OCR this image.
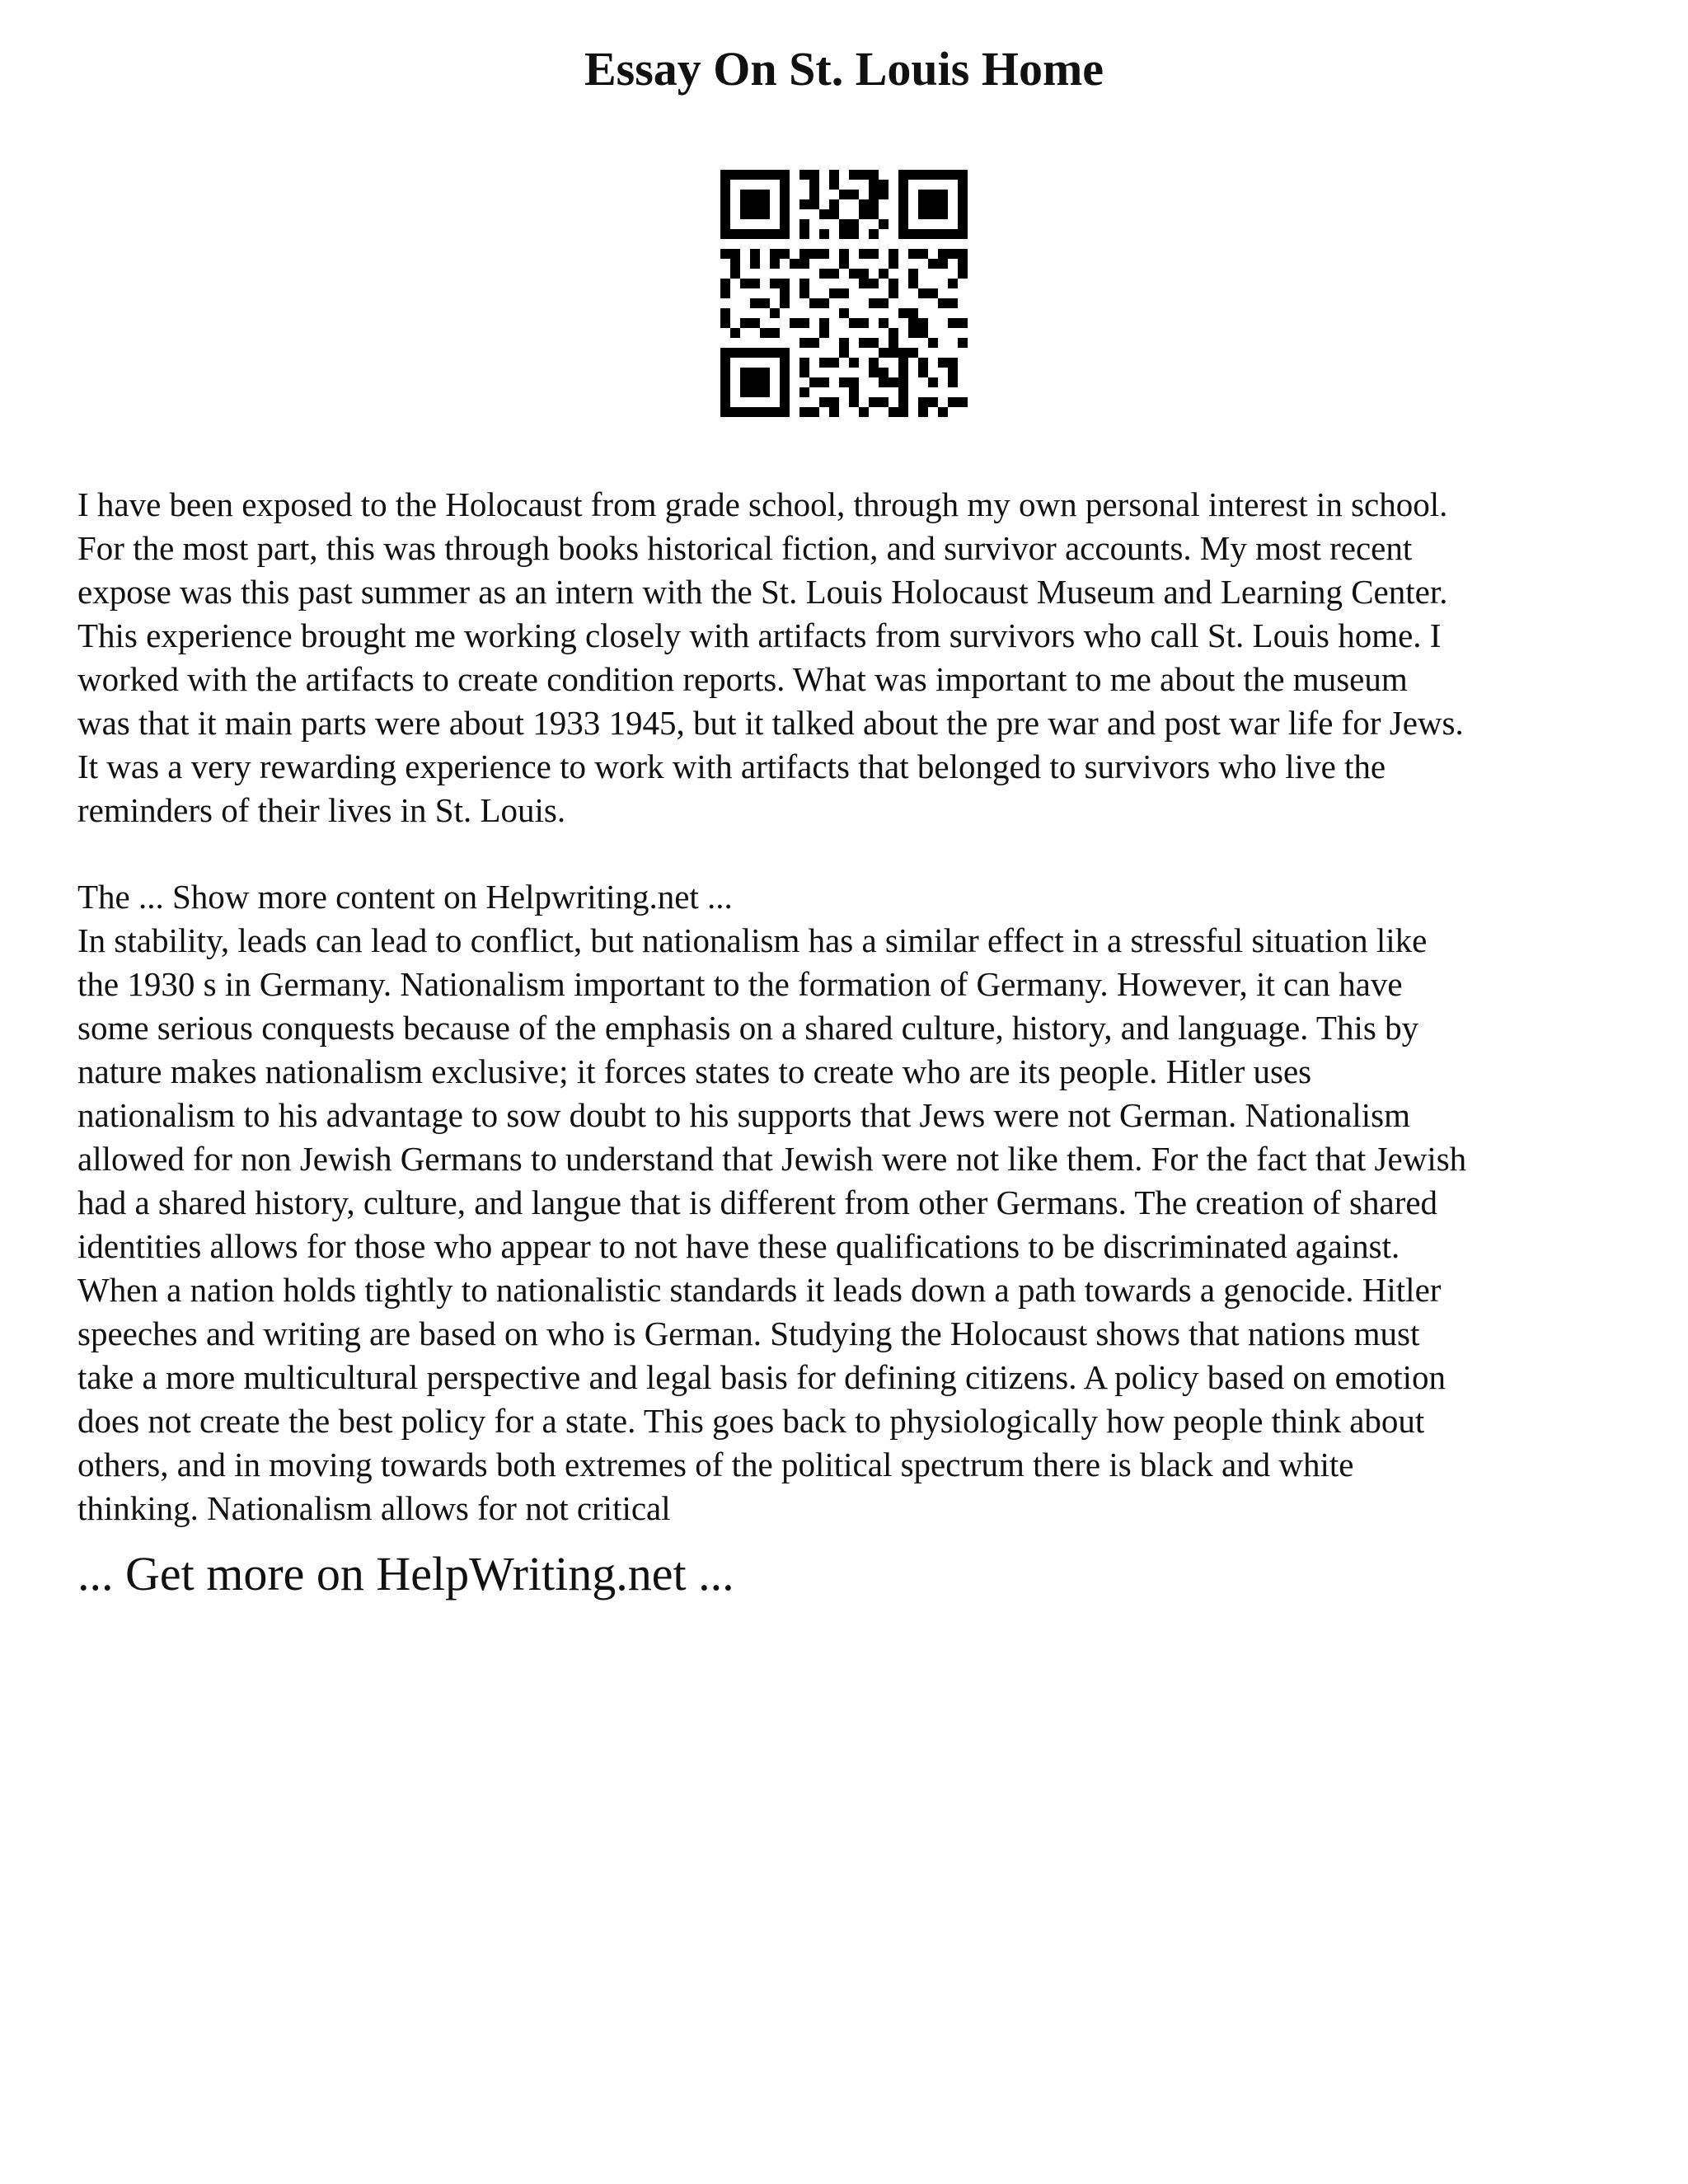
Essay On St. Louis Home

I have been exposed to the Holocaust from grade school, through my own personal interest in school.
For the most part, this was through books historical fiction, and survivor accounts. My most recent
expose was this past summer as an intern with the St. Louis Holocaust Museum and Learning Center.
This experience brought me working closely with artifacts from survivors who call St. Louis home. I
worked with the artifacts to create condition reports. What was important to me about the museum
was that it main parts were about 1933 1945, but it talked about the pre war and post war life for Jews.
It was a very rewarding experience to work with artifacts that belonged to survivors who live the
reminders of their lives in St. Louis.

The ... Show more content on Helpwriting.net ...
In stability, leads can lead to conflict, but nationalism has a similar effect in a stressful situation like
the 1930 s in Germany. Nationalism important to the formation of Germany. However, it can have
some serious conquests because of the emphasis on a shared culture, history, and language. This by
nature makes nationalism exclusive; it forces states to create who are its people. Hitler uses
nationalism to his advantage to sow doubt to his supports that Jews were not German. Nationalism
allowed for non Jewish Germans to understand that Jewish were not like them. For the fact that Jewish
had a shared history, culture, and langue that is different from other Germans. The creation of shared
identities allows for those who appear to not have these qualifications to be discriminated against.
When a nation holds tightly to nationalistic standards it leads down a path towards a genocide. Hitler
speeches and writing are based on who is German. Studying the Holocaust shows that nations must
take a more multicultural perspective and legal basis for defining citizens. A policy based on emotion
does not create the best policy for a state. This goes back to physiologically how people think about
others, and in moving towards both extremes of the political spectrum there is black and white
thinking. Nationalism allows for not critical

... Get more on HelpWriting.net ...
